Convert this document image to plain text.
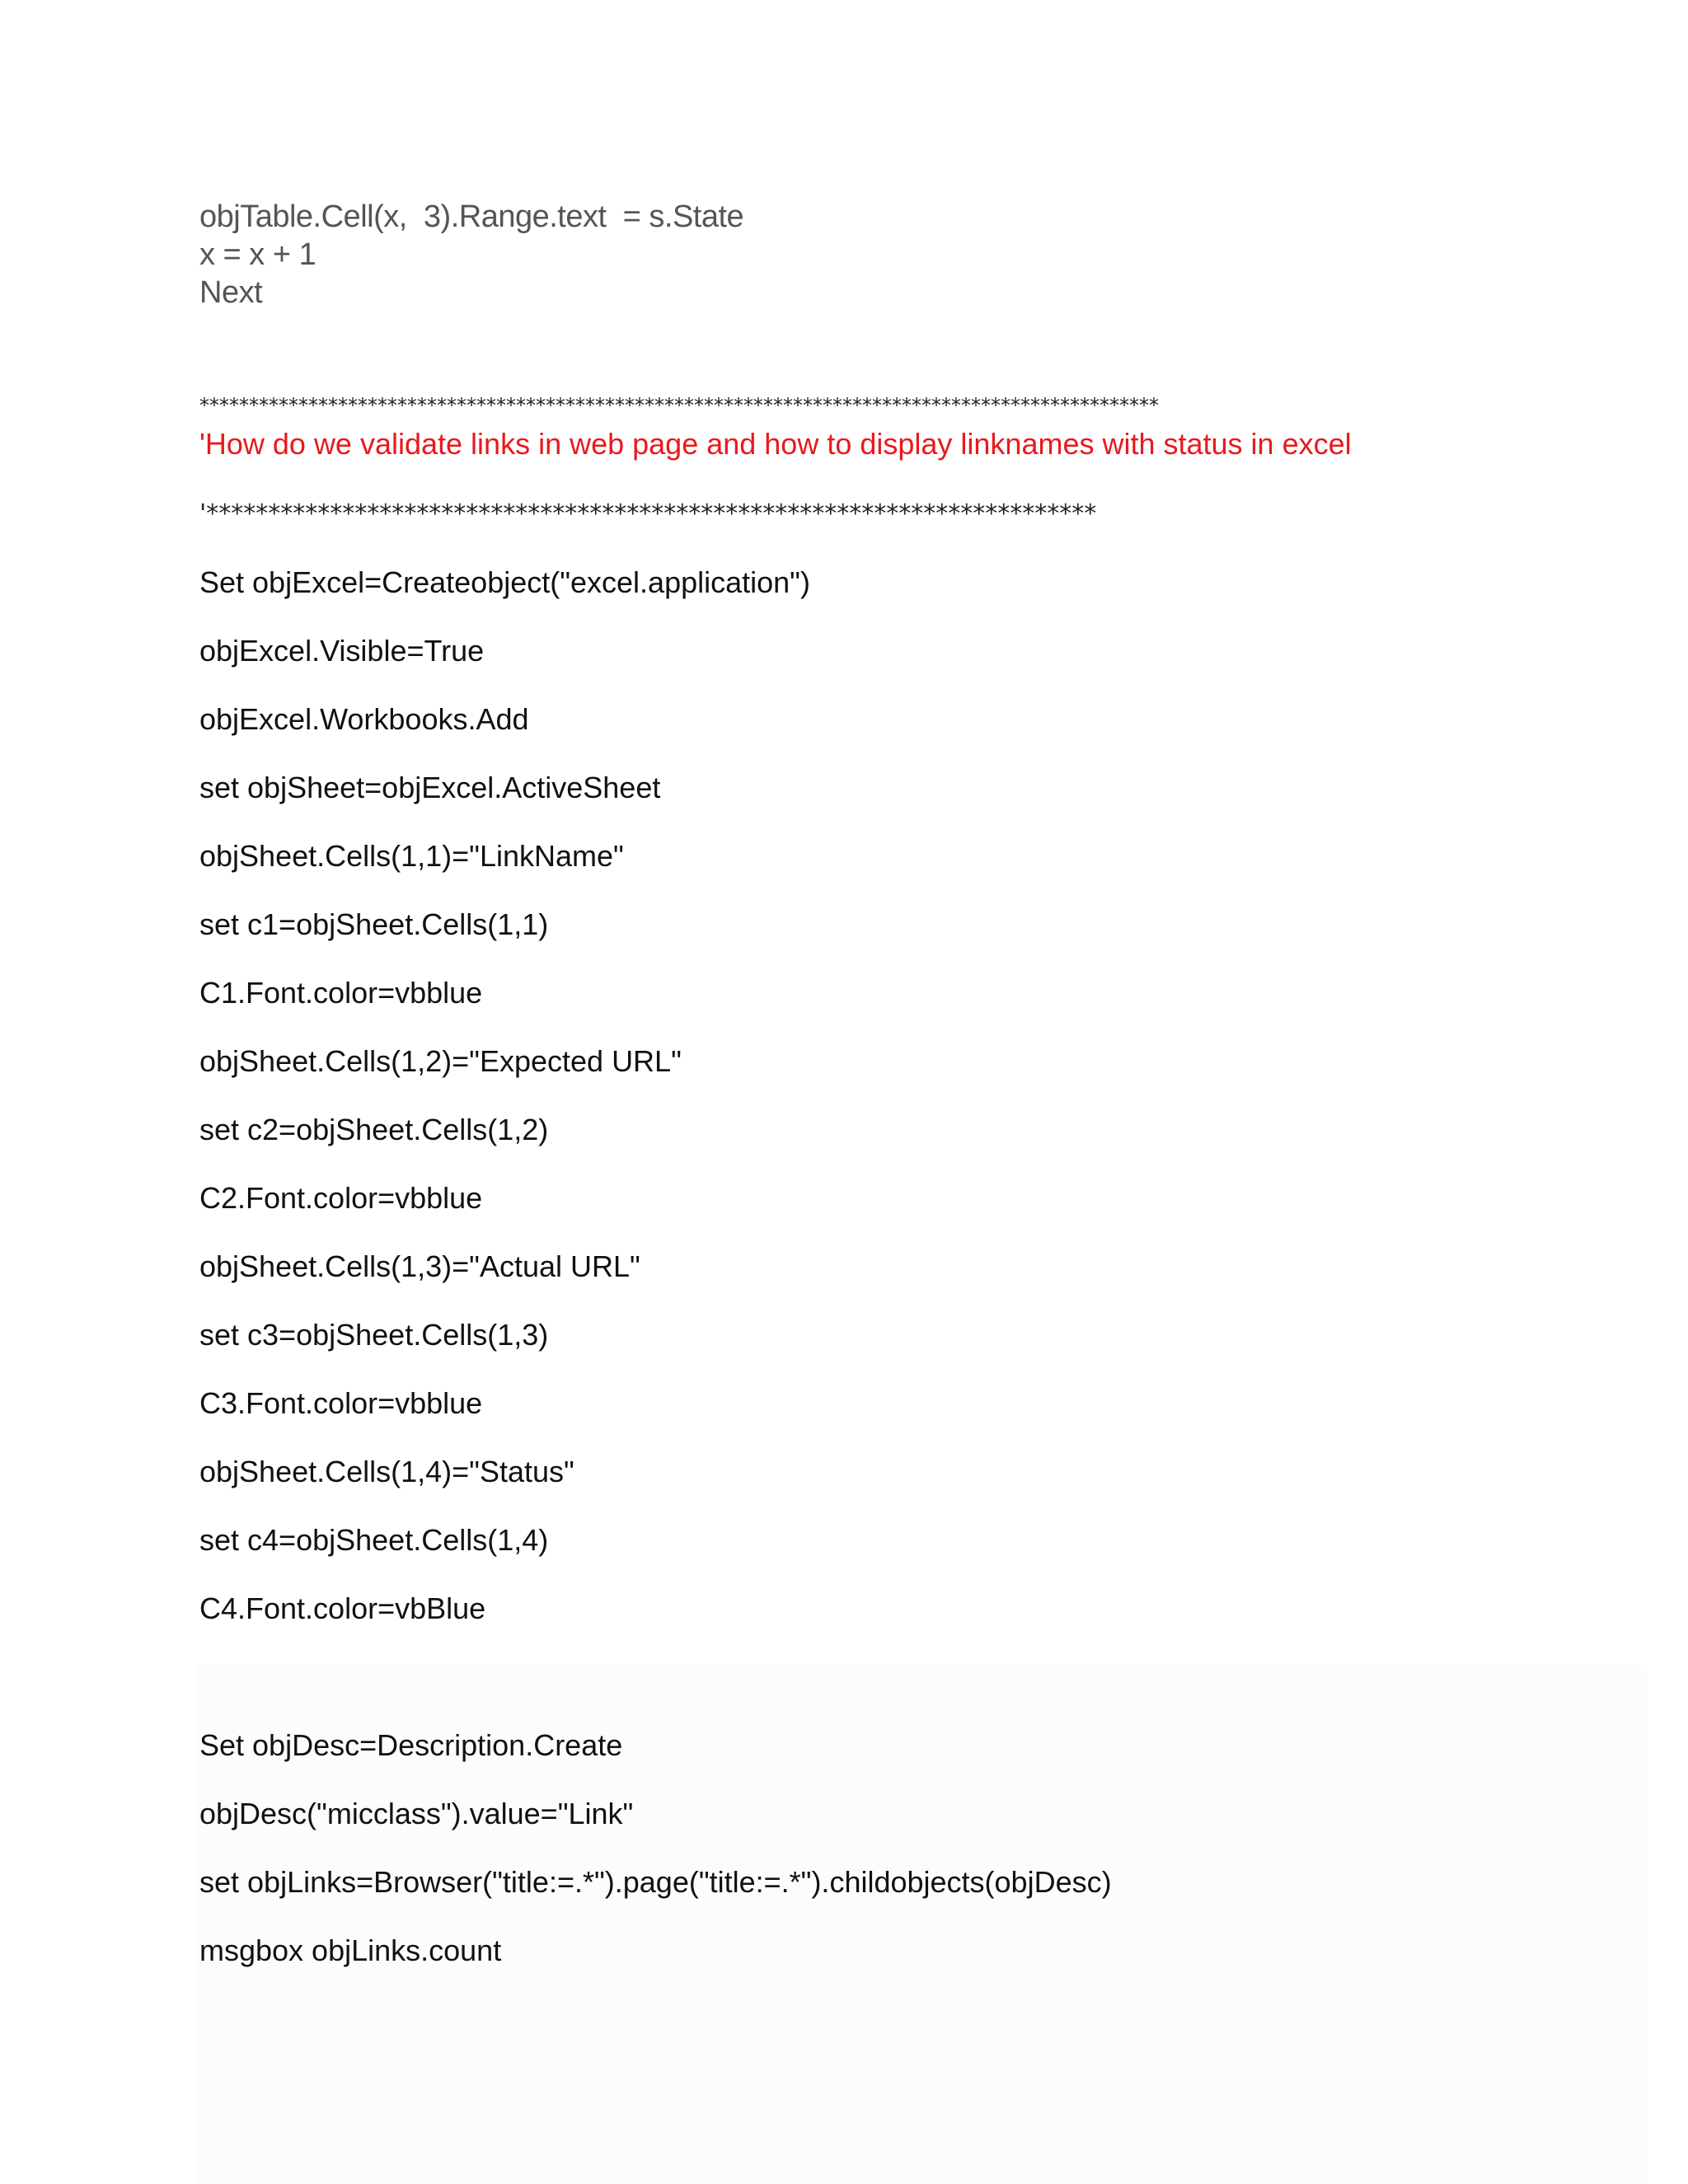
objTable.Cell(x,  3).Range.text  = s.State
x = x + 1
Next
*************************************************************************************************
'How do we validate links in web page and how to display linknames with status in excel
'************************************************************************
Set objExcel=Createobject("excel.application")
objExcel.Visible=True
objExcel.Workbooks.Add
set objSheet=objExcel.ActiveSheet
objSheet.Cells(1,1)="LinkName"
set c1=objSheet.Cells(1,1)
C1.Font.color=vbblue
objSheet.Cells(1,2)="Expected URL"
set c2=objSheet.Cells(1,2)
C2.Font.color=vbblue
objSheet.Cells(1,3)="Actual URL"
set c3=objSheet.Cells(1,3)
C3.Font.color=vbblue
objSheet.Cells(1,4)="Status"
set c4=objSheet.Cells(1,4)
C4.Font.color=vbBlue
Set objDesc=Description.Create
objDesc("micclass").value="Link"
set objLinks=Browser("title:=.*").page("title:=.*").childobjects(objDesc)
msgbox objLinks.count
